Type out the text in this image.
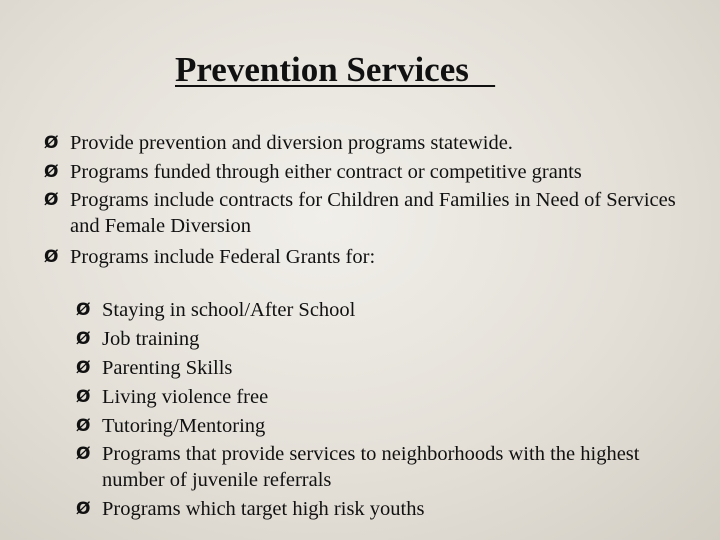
Prevention Services
Ø Provide prevention and diversion programs statewide.
Ø Programs funded through either contract or competitive grants
Ø Programs include contracts for Children and Families in Need of Services and Female Diversion
Ø Programs include Federal Grants for:
Ø Staying in school/After School
Ø Job training
Ø Parenting Skills
Ø Living violence free
Ø Tutoring/Mentoring
Ø Programs that provide services to neighborhoods with the highest number of juvenile referrals
Ø Programs which target high risk youths
